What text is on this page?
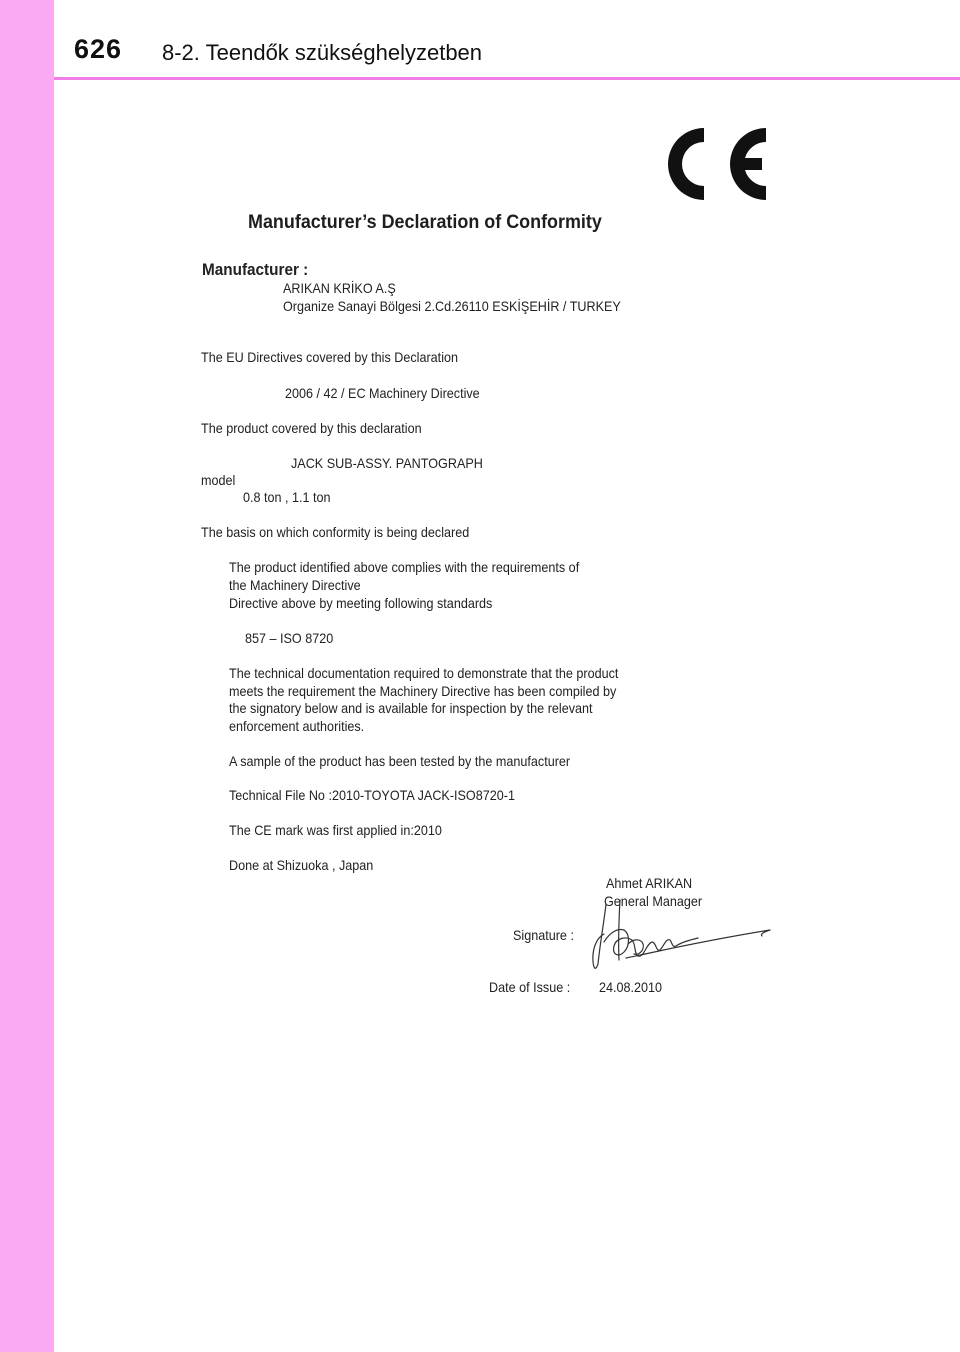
626 8-2. Teendők szükséghelyzetben
Manufacturer’s Declaration of Conformity
Manufacturer :
ARIKAN KRİKO A.Ş
Organize Sanayi Bölgesi 2.Cd.26110 ESKİŞEHİR / TURKEY
The EU Directives covered by this Declaration
2006 / 42 / EC Machinery Directive
The product covered by this declaration
JACK SUB-ASSY. PANTOGRAPH
model
0.8 ton , 1.1 ton
The basis on which conformity is being declared
The product identified above complies with the requirements of
the Machinery Directive
Directive above by meeting following standards
857 – ISO 8720
The technical documentation required to demonstrate that the product
meets the requirement the Machinery Directive has been compiled by
the signatory below and is available for inspection by the relevant
enforcement authorities.
A sample of the product has been tested by the manufacturer
Technical File No :2010-TOYOTA JACK-ISO8720-1
The CE mark was first applied in:2010
Done at Shizuoka , Japan
Ahmet ARIKAN
General Manager
Signature :
Date of Issue : 24.08.2010
